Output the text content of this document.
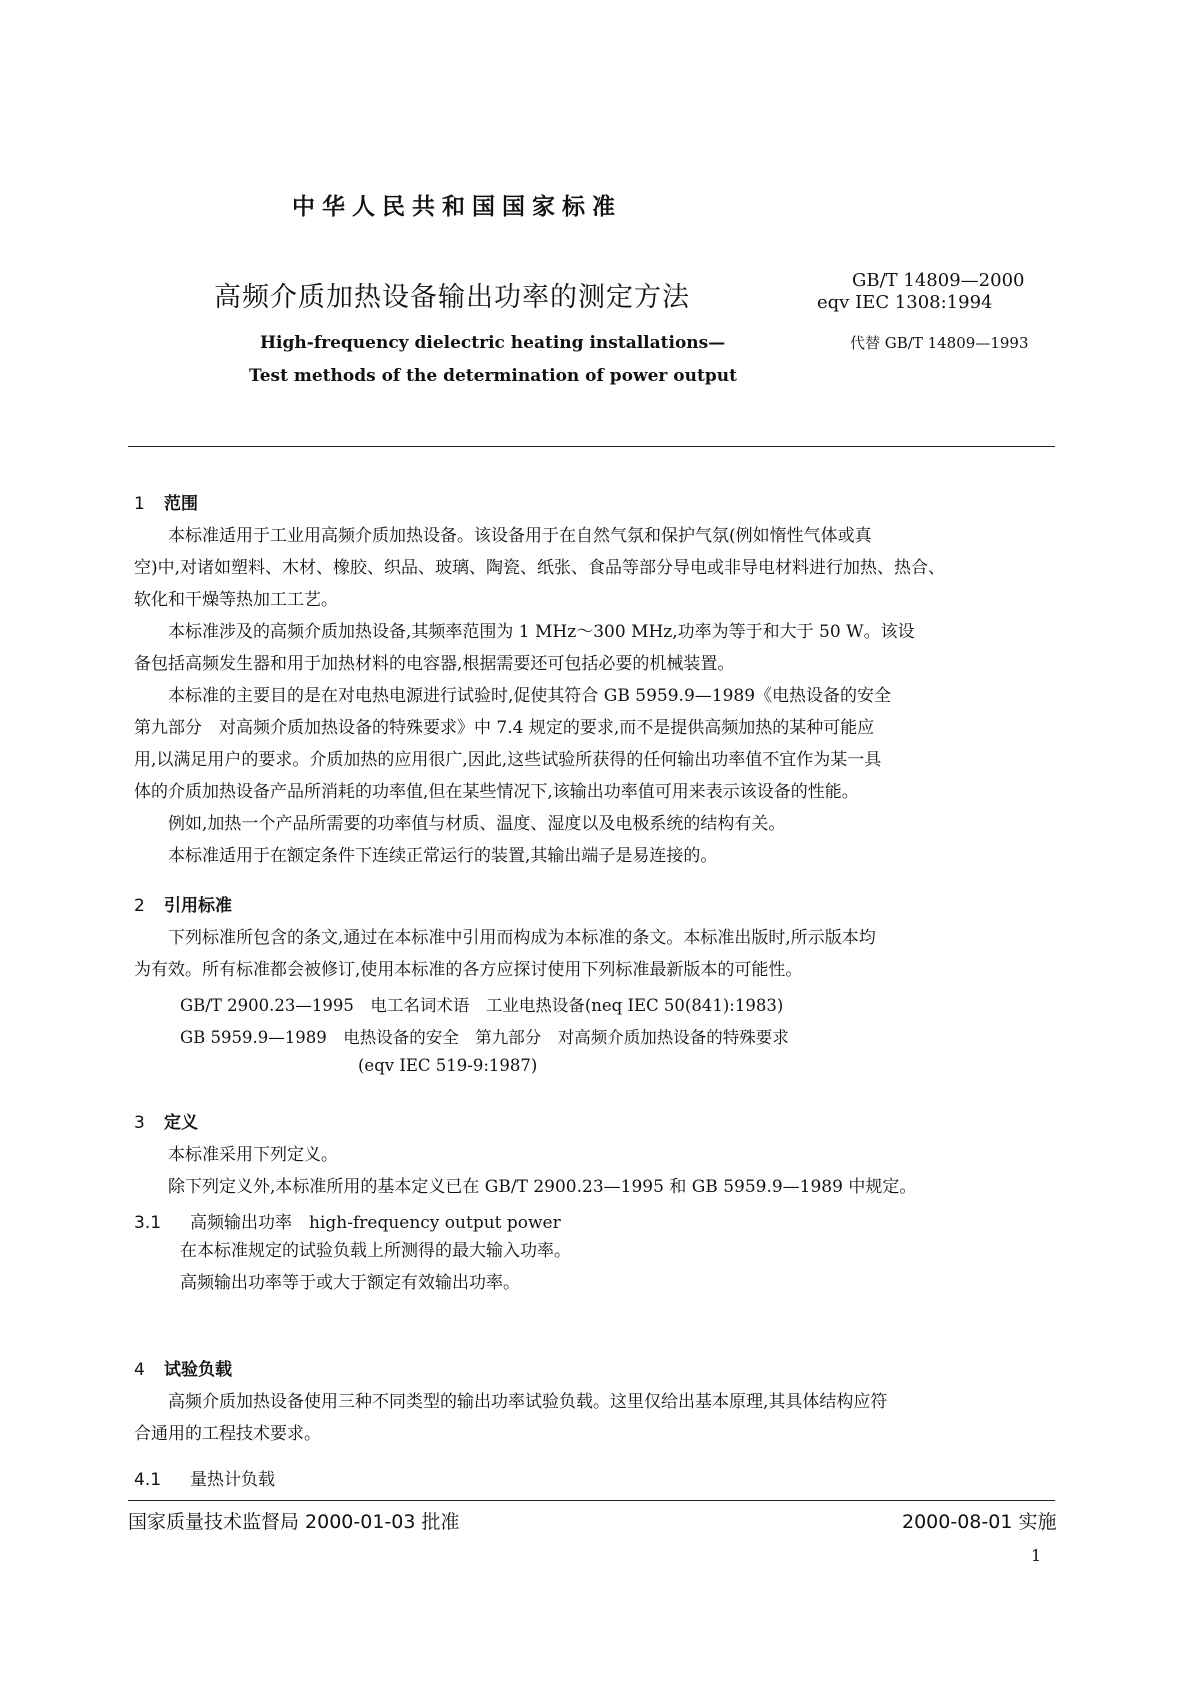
中华人民共和国国家标准
高频介质加热设备输出功率的测定方法
GB/T 14809—2000
eqv IEC 1308:1994
代替 GB/T 14809—1993
High-frequency dielectric heating installations—
Test methods of the determination of power output
1 范围
本标准适用于工业用高频介质加热设备。该设备用于在自然气氛和保护气氛(例如惰性气体或真
空)中,对诸如塑料、木材、橡胶、织品、玻璃、陶瓷、纸张、食品等部分导电或非导电材料进行加热、热合、
软化和干燥等热加工工艺。
本标准涉及的高频介质加热设备,其频率范围为 1 MHz～300 MHz,功率为等于和大于 50 W。该设
备包括高频发生器和用于加热材料的电容器,根据需要还可包括必要的机械装置。
本标准的主要目的是在对电热电源进行试验时,促使其符合 GB 5959.9—1989《电热设备的安全
第九部分　对高频介质加热设备的特殊要求》中 7.4 规定的要求,而不是提供高频加热的某种可能应
用,以满足用户的要求。介质加热的应用很广,因此,这些试验所获得的任何输出功率值不宜作为某一具
体的介质加热设备产品所消耗的功率值,但在某些情况下,该输出功率值可用来表示该设备的性能。
例如,加热一个产品所需要的功率值与材质、温度、湿度以及电极系统的结构有关。
本标准适用于在额定条件下连续正常运行的装置,其输出端子是易连接的。
2 引用标准
下列标准所包含的条文,通过在本标准中引用而构成为本标准的条文。本标准出版时,所示版本均
为有效。所有标准都会被修订,使用本标准的各方应探讨使用下列标准最新版本的可能性。
GB/T 2900.23—1995　电工名词术语　工业电热设备(neq IEC 50(841):1983)
GB 5959.9—1989　电热设备的安全　第九部分　对高频介质加热设备的特殊要求
(eqv IEC 519-9:1987)
3 定义
本标准采用下列定义。
除下列定义外,本标准所用的基本定义已在 GB/T 2900.23—1995 和 GB 5959.9—1989 中规定。
3.1 高频输出功率　high-frequency output power
在本标准规定的试验负载上所测得的最大输入功率。
高频输出功率等于或大于额定有效输出功率。
4 试验负载
高频介质加热设备使用三种不同类型的输出功率试验负载。这里仅给出基本原理,其具体结构应符
合通用的工程技术要求。
4.1 量热计负载
国家质量技术监督局 2000-01-03 批准	2000-08-01 实施
1
